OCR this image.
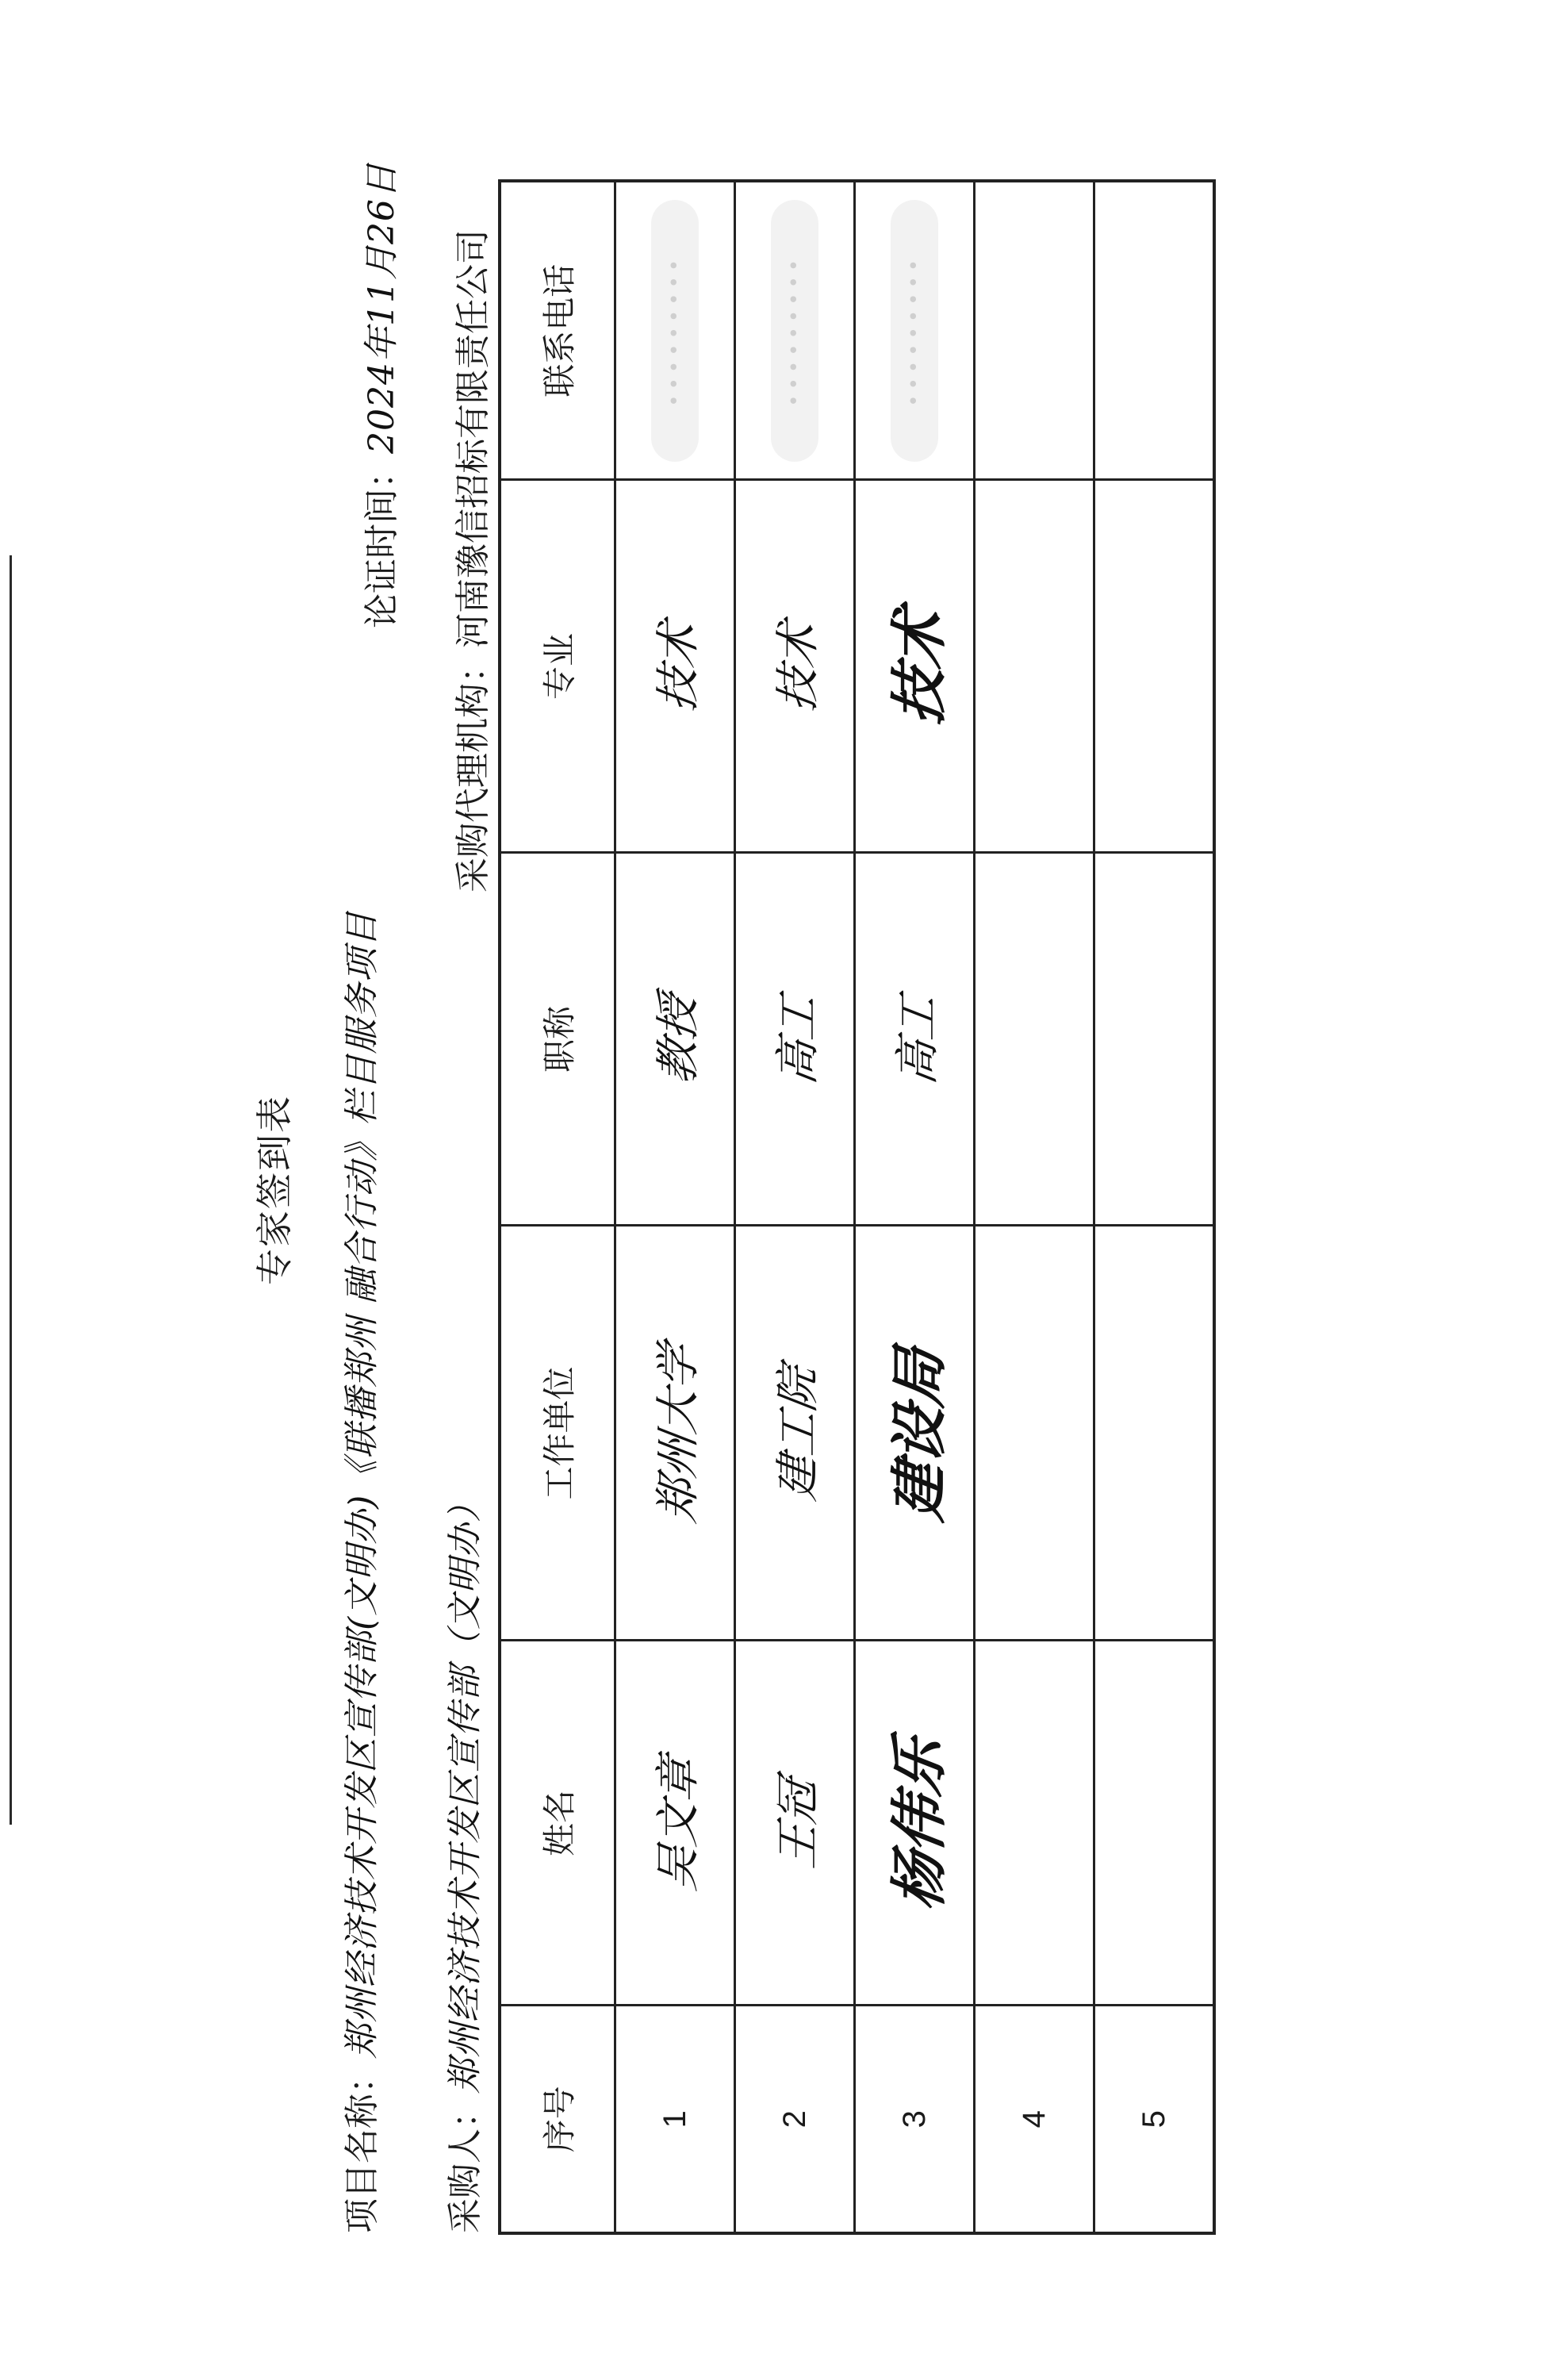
专家签到表
项目名称：
郑州经济技术开发区宣传部(文明办)《联播郑州 融合行动》栏目服务项目
论证时间：
2024年11月26日
采购人：
郑州经济技术开发区宣传部（文明办）
采购代理机构：
河南豫信招标有限责任公司
序号	姓名	工作单位	职称	专业	联系电话
1	吴文章	郑州大学	教授	技术	•••••••••
2	王冠	建工院	高工	技术	•••••••••
3	杨伟乐	建设局	高工	技术	•••••••••
4					
5					
